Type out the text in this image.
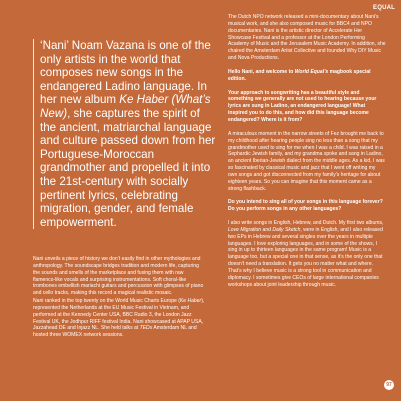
EQUAL
‘Nani’ Noam Vazana is one of the only artists in the world that composes new songs in the endangered Ladino language. In her new album Ke Haber (What’s New), she captures the spirit of the ancient, matriarchal language and culture passed down from her Portuguese-Moroccan grandmother and propelled it into the 21st-century with socially pertinent lyrics, celebrating migration, gender, and female empowerment.

Nani unveils a piece of history we don’t easily find in other mythologies and anthropology. The soundscape bridges tradition and modern life, capturing the sounds and smells of the marketplace and fusing them with raw flamenco-like vocals and surprising instrumentations. Soft choral-like trombones embellish mariachi guitars and percussion with glimpses of piano and cello tracks, making this record a magical realistic mosaic.

Nani ranked in the top twenty on the World Music Charts Europe (Ke Haber), represented the Netherlands at the EU Music Festival in Vietnam, and performed at the Kennedy Center USA, BBC Radio 3, the London Jazz Festival UK, the Jodhpur RIFF festival India. Nani showcased at APAP USA, Jazzahead DE and Injazz NL. She held talks at TEDx Amsterdam NL and hosted three WOMEX network sessions.

The Dutch NPO network released a mini-documentary about Nani’s musical work, and she also composed music for BBC4 and NPO documentaries. Nani is the artistic director of Accelerate Her Showcase Festival and a professor at the London Performing Academy of Music and the Jerusalem Music Academy. In addition, she chaired the Amsterdam Artist Collective and founded Why DIY Music and Nova Productions.

Hello Nani, and welcome to World Equal’s magbook special edition.

Your approach to songwriting has a beautiful style and something we generally are not used to hearing because your lyrics are sung in Ladino, an endangered language! What inspired you to do this, and how did this language become endangered? Where is it from?

A miraculous moment in the narrow streets of Fez brought me back to my childhood after hearing people sing no less than a song that my grandmother used to sing for me when I was a child. I was raised in a Sephardic Jewish family, and my grandma spoke and sang in Ladino, an ancient Iberian-Jewish dialect from the middle ages. As a kid, I was so fascinated by classical music and jazz that I went off writing my own songs and got disconnected from my family’s heritage for about eighteen years. So you can imagine that this moment came as a strong flashback.

Do you intend to sing all of your songs in this language forever? Do you perform songs in any other languages?

I also write songs in English, Hebrew, and Dutch. My first two albums, Love Migration and Daily Sketch, were in English, and I also released two EPs in Hebrew and several singles over the years in multiple languages. I love exploring languages, and in some of the shows, I sing in up to thirteen languages in the same program! Music is a language too, but a special one in that sense, as it’s the only one that doesn’t need a translation. It gets you no matter what and where. That’s why I believe music is a strong tool in communication and diplomacy. I sometimes give CEOs of large international companies workshops about joint leadership through music.

97
